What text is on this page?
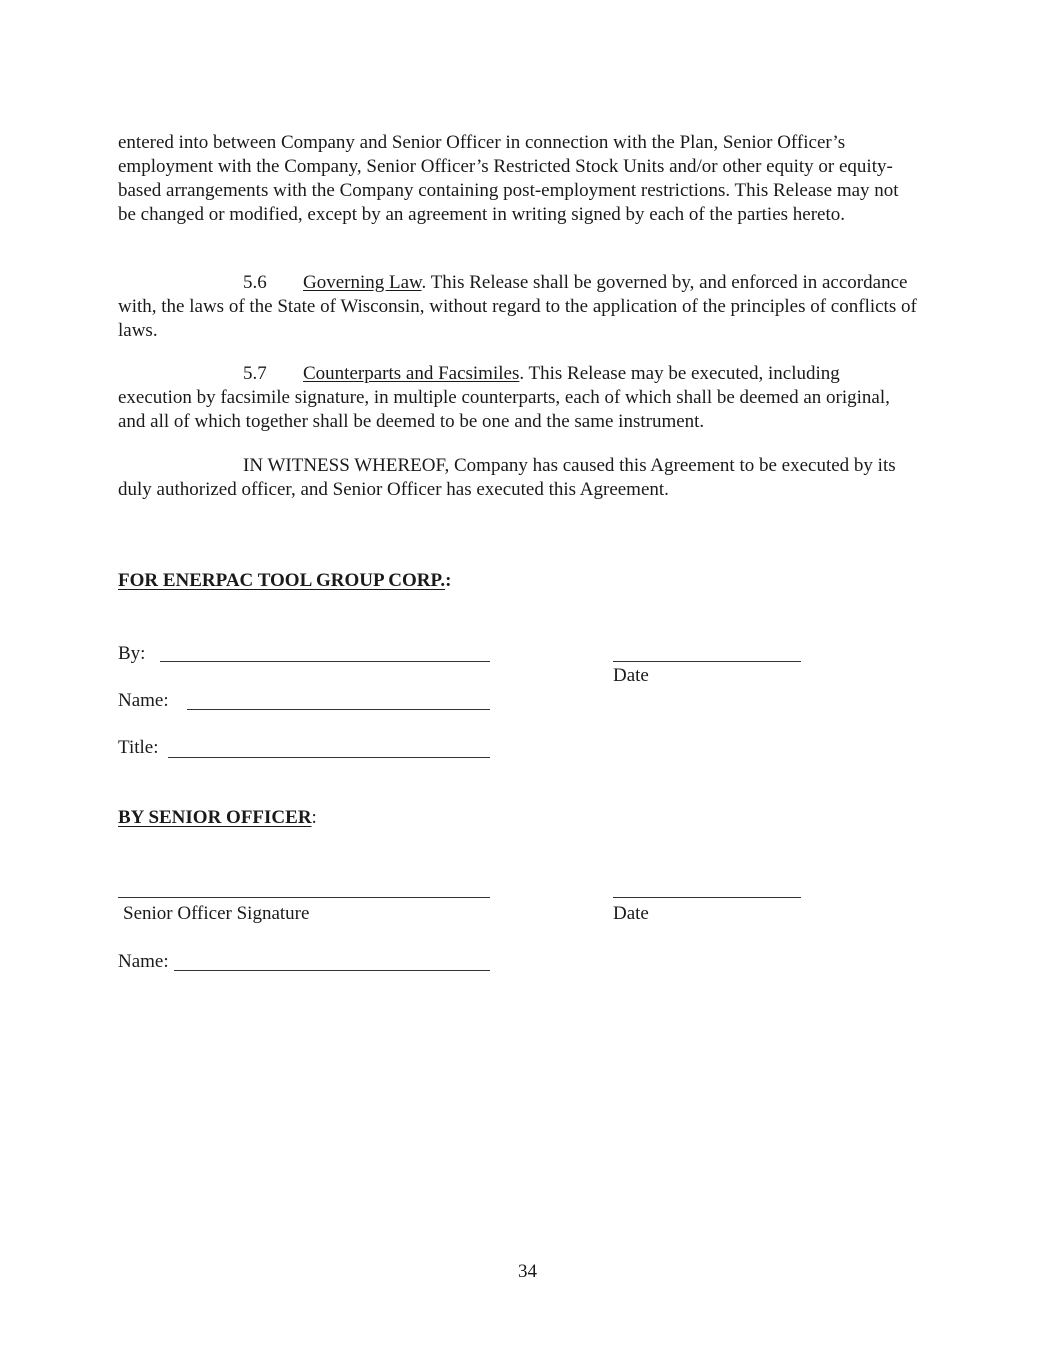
entered into between Company and Senior Officer in connection with the Plan, Senior Officer’s employment with the Company, Senior Officer’s Restricted Stock Units and/or other equity or equity-based arrangements with the Company containing post-employment restrictions. This Release may not be changed or modified, except by an agreement in writing signed by each of the parties hereto.

5.6 Governing Law. This Release shall be governed by, and enforced in accordance with, the laws of the State of Wisconsin, without regard to the application of the principles of conflicts of laws.

5.7 Counterparts and Facsimiles. This Release may be executed, including execution by facsimile signature, in multiple counterparts, each of which shall be deemed an original, and all of which together shall be deemed to be one and the same instrument.

IN WITNESS WHEREOF, Company has caused this Agreement to be executed by its duly authorized officer, and Senior Officer has executed this Agreement.

FOR ENERPAC TOOL GROUP CORP.:
By:
Date
Name:
Title:
BY SENIOR OFFICER:
Senior Officer Signature	Date
Name:
34
